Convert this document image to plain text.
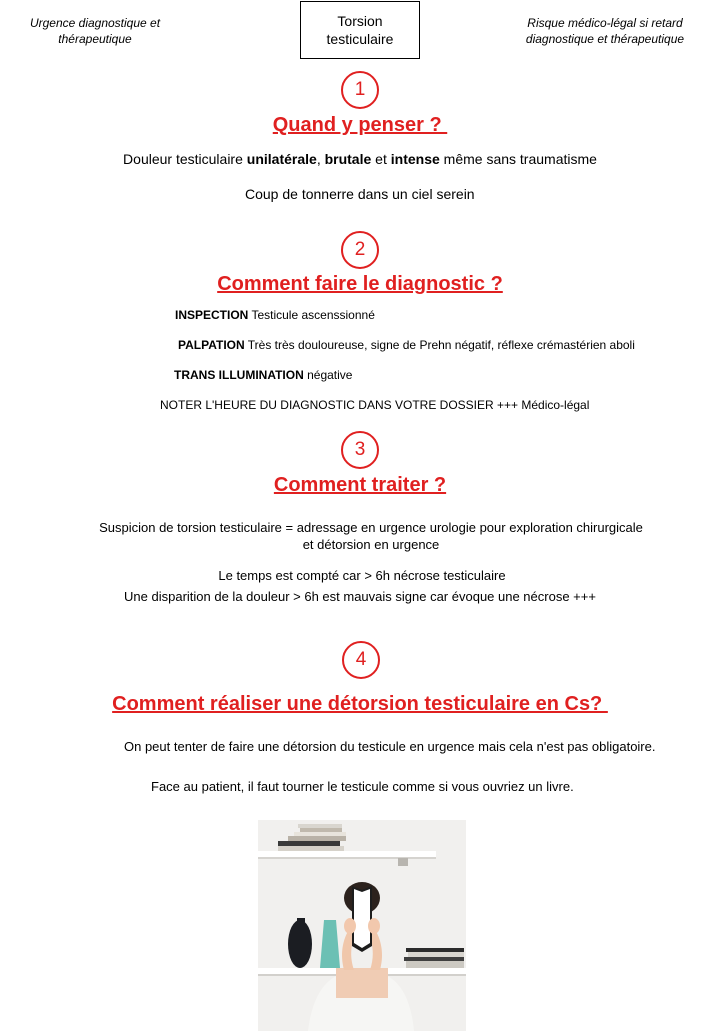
Urgence diagnostique et thérapeutique
Torsion
testiculaire
Risque médico-légal si retard diagnostique et thérapeutique
1
Quand y penser ?
Douleur testiculaire unilatérale, brutale et intense même sans traumatisme
Coup de tonnerre dans un ciel serein
2
Comment faire le diagnostic ?
INSPECTION Testicule ascenssionné
PALPATION Très très douloureuse, signe de Prehn négatif, réflexe crémastérien aboli
TRANS ILLUMINATION négative
NOTER L'HEURE DU DIAGNOSTIC DANS VOTRE DOSSIER +++ Médico-légal
3
Comment traiter ?
Suspicion de torsion testiculaire = adressage en urgence urologie pour exploration chirurgicale
et détorsion en urgence
Le temps est compté car > 6h nécrose testiculaire
Une disparition de la douleur > 6h est mauvais signe car évoque une nécrose +++
4
Comment réaliser une détorsion testiculaire en Cs?
On peut tenter de faire une détorsion du testicule en urgence mais cela n'est pas obligatoire.
Face au patient, il faut tourner le testicule comme si vous ouvriez un livre.
